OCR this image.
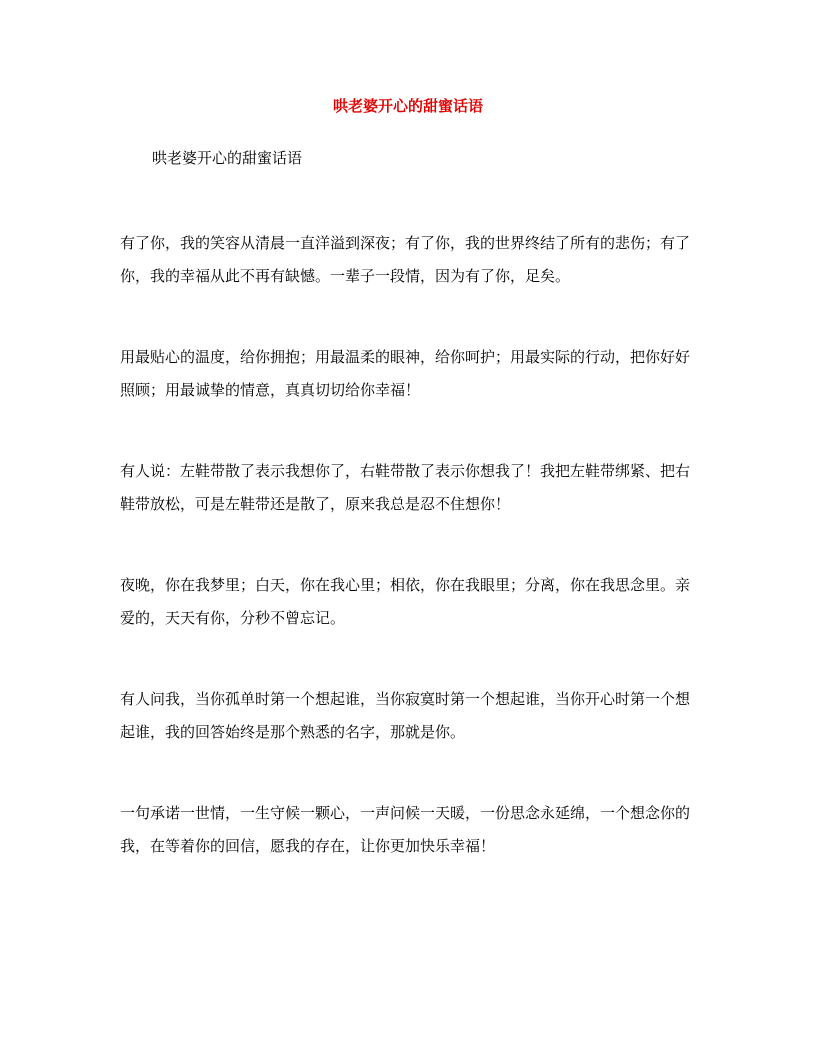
哄老婆开心的甜蜜话语
哄老婆开心的甜蜜话语
有了你，我的笑容从清晨一直洋溢到深夜；有了你，我的世界终结了所有的悲伤；有了你，我的幸福从此不再有缺憾。一辈子一段情，因为有了你，足矣。
用最贴心的温度，给你拥抱；用最温柔的眼神，给你呵护；用最实际的行动，把你好好照顾；用最诚挚的情意，真真切切给你幸福！
有人说：左鞋带散了表示我想你了，右鞋带散了表示你想我了！我把左鞋带绑紧、把右鞋带放松，可是左鞋带还是散了，原来我总是忍不住想你！
夜晚，你在我梦里；白天，你在我心里；相依，你在我眼里；分离，你在我思念里。亲爱的，天天有你，分秒不曾忘记。
有人问我，当你孤单时第一个想起谁，当你寂寞时第一个想起谁，当你开心时第一个想起谁，我的回答始终是那个熟悉的名字，那就是你。
一句承诺一世情，一生守候一颗心，一声问候一天暖，一份思念永延绵，一个想念你的我，在等着你的回信，愿我的存在，让你更加快乐幸福！
